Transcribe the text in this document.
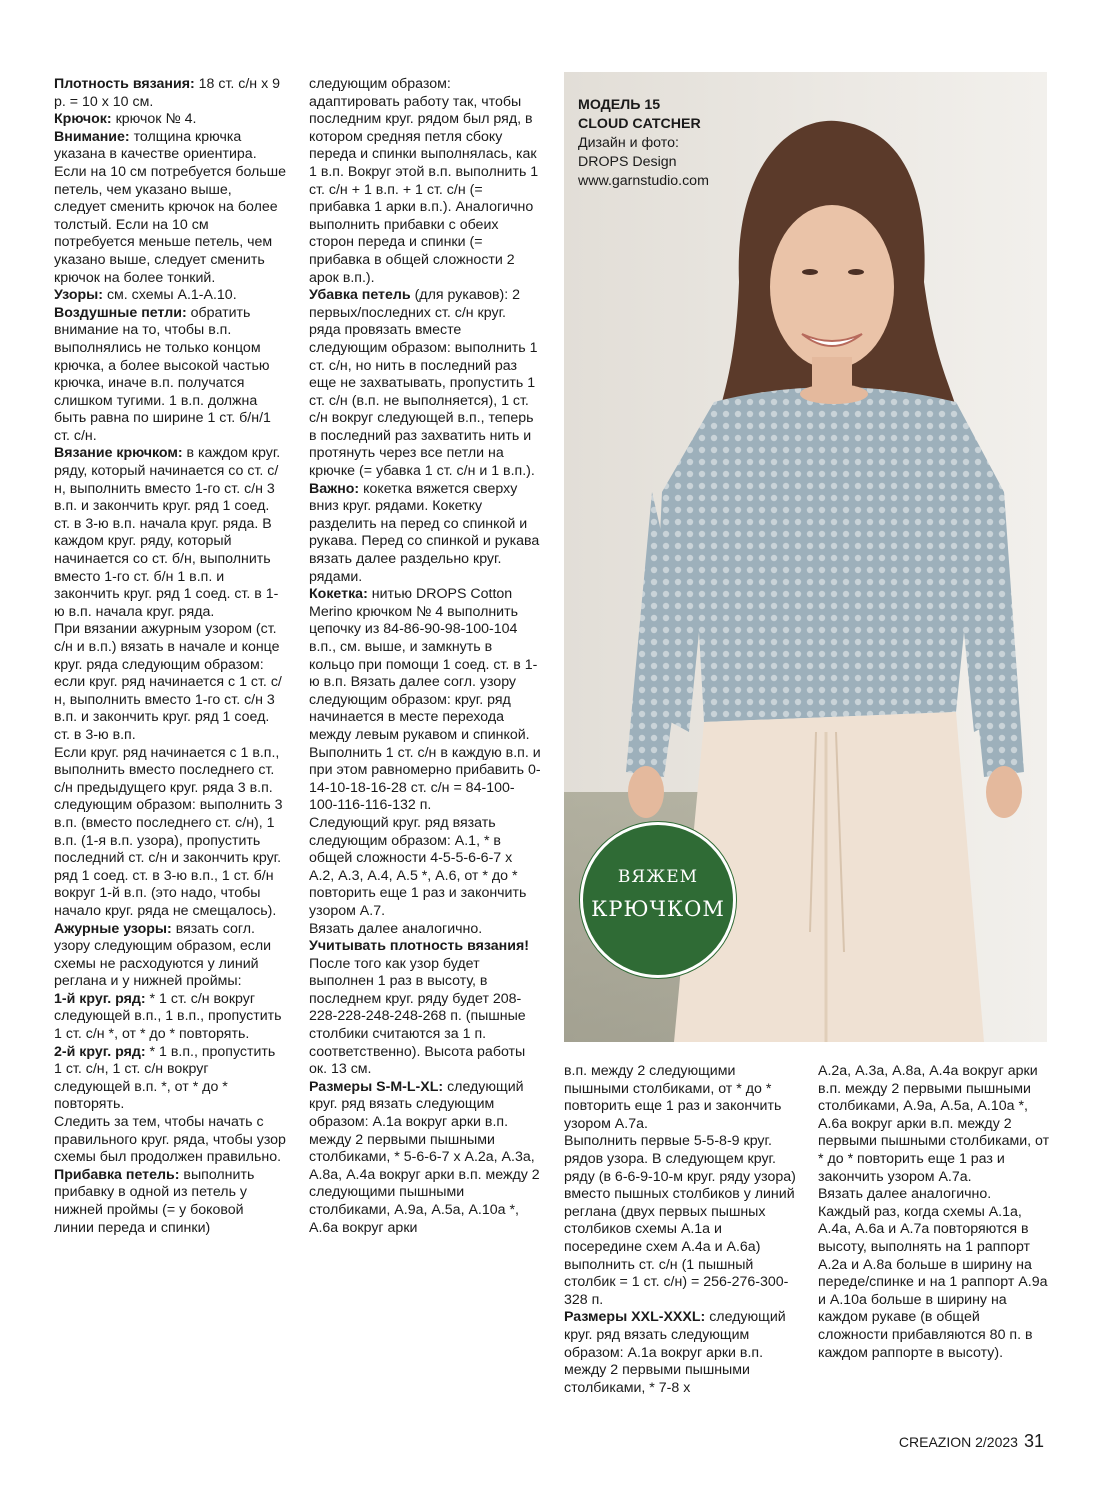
Плотность вязания: 18 ст. с/н х 9 р. = 10 х 10 см.

Крючок: крючок № 4.

Внимание: толщина крючка указана в качестве ориентира. Если на 10 см потребуется больше петель, чем указано выше, следует сменить крючок на более толстый. Если на 10 см потребуется меньше петель, чем указано выше, следует сменить крючок на более тонкий.

Узоры: см. схемы А.1-А.10.

Воздушные петли: обратить внимание на то, чтобы в.п. выполнялись не только концом крючка, а более высокой частью крючка, иначе в.п. получатся слишком тугими. 1 в.п. должна быть равна по ширине 1 ст. б/н/1 ст. с/н.

Вязание крючком: в каждом круг. ряду, который начинается со ст. с/н, выполнить вместо 1-го ст. с/н 3 в.п. и закончить круг. ряд 1 соед. ст. в 3-ю в.п. начала круг. ряда. В каждом круг. ряду, который начинается со ст. б/н, выполнить вместо 1-го ст. б/н 1 в.п. и закончить круг. ряд 1 соед. ст. в 1-ю в.п. начала круг. ряда.

При вязании ажурным узором (ст. с/н и в.п.) вязать в начале и конце круг. ряда следующим образом: если круг. ряд начинается с 1 ст. с/н, выполнить вместо 1-го ст. с/н 3 в.п. и закончить круг. ряд 1 соед. ст. в 3-ю в.п.

Если круг. ряд начинается с 1 в.п., выполнить вместо последнего ст. с/н предыдущего круг. ряда 3 в.п. следующим образом: выполнить 3 в.п. (вместо последнего ст. с/н), 1 в.п. (1-я в.п. узора), пропустить последний ст. с/н и закончить круг. ряд 1 соед. ст. в 3-ю в.п., 1 ст. б/н вокруг 1-й в.п. (это надо, чтобы начало круг. ряда не смещалось).

Ажурные узоры: вязать согл. узору следующим образом, если схемы не расходуются у линий реглана и у нижней проймы:

1-й круг. ряд: * 1 ст. с/н вокруг следующей в.п., 1 в.п., пропустить 1 ст. с/н *, от * до * повторять.

2-й круг. ряд: * 1 в.п., пропустить 1 ст. с/н, 1 ст. с/н вокруг следующей в.п. *, от * до * повторять.

Следить за тем, чтобы начать с правильного круг. ряда, чтобы узор схемы был продолжен правильно.

Прибавка петель: выполнить прибавку в одной из петель у нижней проймы (= у боковой линии переда и спинки)

следующим образом: адаптировать работу так, чтобы последним круг. рядом был ряд, в котором средняя петля сбоку переда и спинки выполнялась, как 1 в.п. Вокруг этой в.п. выполнить 1 ст. с/н + 1 в.п. + 1 ст. с/н (= прибавка 1 арки в.п.). Аналогично выполнить прибавки с обеих сторон переда и спинки (= прибавка в общей сложности 2 арок в.п.).

Убавка петель (для рукавов): 2 первых/последних ст. с/н круг. ряда провязать вместе следующим образом: выполнить 1 ст. с/н, но нить в последний раз еще не захватывать, пропустить 1 ст. с/н (в.п. не выполняется), 1 ст. с/н вокруг следующей в.п., теперь в последний раз захватить нить и протянуть через все петли на крючке (= убавка 1 ст. с/н и 1 в.п.).

Важно: кокетка вяжется сверху вниз круг. рядами. Кокетку разделить на перед со спинкой и рукава. Перед со спинкой и рукава вязать далее раздельно круг. рядами.

Кокетка: нитью DROPS Cotton Merino крючком № 4 выполнить цепочку из 84-86-90-98-100-104 в.п., см. выше, и замкнуть в кольцо при помощи 1 соед. ст. в 1-ю в.п. Вязать далее согл. узору следующим образом: круг. ряд начинается в месте перехода между левым рукавом и спинкой.

Выполнить 1 ст. с/н в каждую в.п. и при этом равномерно прибавить 0-14-10-18-16-28 ст. с/н = 84-100-100-116-116-132 п.

Следующий круг. ряд вязать следующим образом: А.1, * в общей сложности 4-5-5-6-6-7 х А.2, А.3, А.4, А.5 *, А.6, от * до * повторить еще 1 раз и закончить узором А.7.

Вязать далее аналогично.

Учитывать плотность вязания!

После того как узор будет выполнен 1 раз в высоту, в последнем круг. ряду будет 208-228-228-248-248-268 п. (пышные столбики считаются за 1 п. соответственно). Высота работы ок. 13 см.

Размеры S-M-L-XL: следующий круг. ряд вязать следующим образом: А.1а вокруг арки в.п. между 2 первыми пышными столбиками, * 5-6-6-7 х А.2а, А.3а, А.8а, А.4а вокруг арки в.п. между 2 следующими пышными столбиками, А.9а, А.5а, А.10а *, А.6а вокруг арки

МОДЕЛЬ 15
CLOUD CATCHER
Дизайн и фото:
DROPS Design
www.garnstudio.com
ВЯЖЕМ
КРЮЧКОМ

в.п. между 2 следующими пышными столбиками, от * до * повторить еще 1 раз и закончить узором А.7а.

Выполнить первые 5-5-8-9 круг. рядов узора. В следующем круг. ряду (в 6-6-9-10-м круг. ряду узора) вместо пышных столбиков у линий реглана (двух первых пышных столбиков схемы А.1а и посередине схем А.4а и А.6а) выполнить ст. с/н (1 пышный столбик = 1 ст. с/н) = 256-276-300-328 п.

Размеры XXL-XXXL: следующий круг. ряд вязать следующим образом: А.1а вокруг арки в.п. между 2 первыми пышными столбиками, * 7-8 х

А.2а, А.3а, А.8а, А.4а вокруг арки в.п. между 2 первыми пышными столбиками, А.9а, А.5а, А.10а *, А.6а вокруг арки в.п. между 2 первыми пышными столбиками, от * до * повторить еще 1 раз и закончить узором А.7а.

Вязать далее аналогично.

Каждый раз, когда схемы А.1а, А.4а, А.6а и А.7а повторяются в высоту, выполнять на 1 раппорт А.2а и А.8а больше в ширину на переде/спинке и на 1 раппорт А.9а и А.10а больше в ширину на каждом рукаве (в общей сложности прибавляются 80 п. в каждом раппорте в высоту).

CREAZION 2/2023 31
